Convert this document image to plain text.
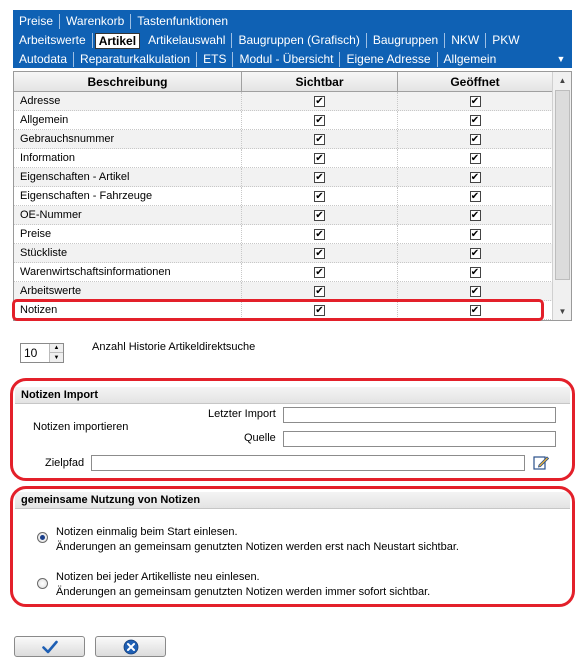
Preise	Warenkorb	Tastenfunktionen
Arbeitswerte	Artikel	Artikelauswahl	Baugruppen (Grafisch)	Baugruppen	NKW	PKW
Autodata	Reparaturkalkulation	ETS	Modul - Übersicht	Eigene Adresse	Allgemein	▼
Beschreibung	Sichtbar	Geöffnet
Adresse	✔	✔
Allgemein	✔	✔
Gebrauchsnummer	✔	✔
Information	✔	✔
Eigenschaften - Artikel	✔	✔
Eigenschaften - Fahrzeuge	✔	✔
OE-Nummer	✔	✔
Preise	✔	✔
Stückliste	✔	✔
Warenwirtschaftsinformationen	✔	✔
Arbeitswerte	✔	✔
Notizen	✔	✔
▲
▼
10
▲
▼
Anzahl Historie Artikeldirektsuche
Notizen Import
Notizen importieren
Letzter Import
Quelle
Zielpfad
gemeinsame Nutzung von Notizen
Notizen einmalig beim Start einlesen.
Änderungen an gemeinsam genutzten Notizen werden erst nach Neustart sichtbar.
Notizen bei jeder Artikelliste neu einlesen.
Änderungen an gemeinsam genutzten Notizen werden immer sofort sichtbar.
